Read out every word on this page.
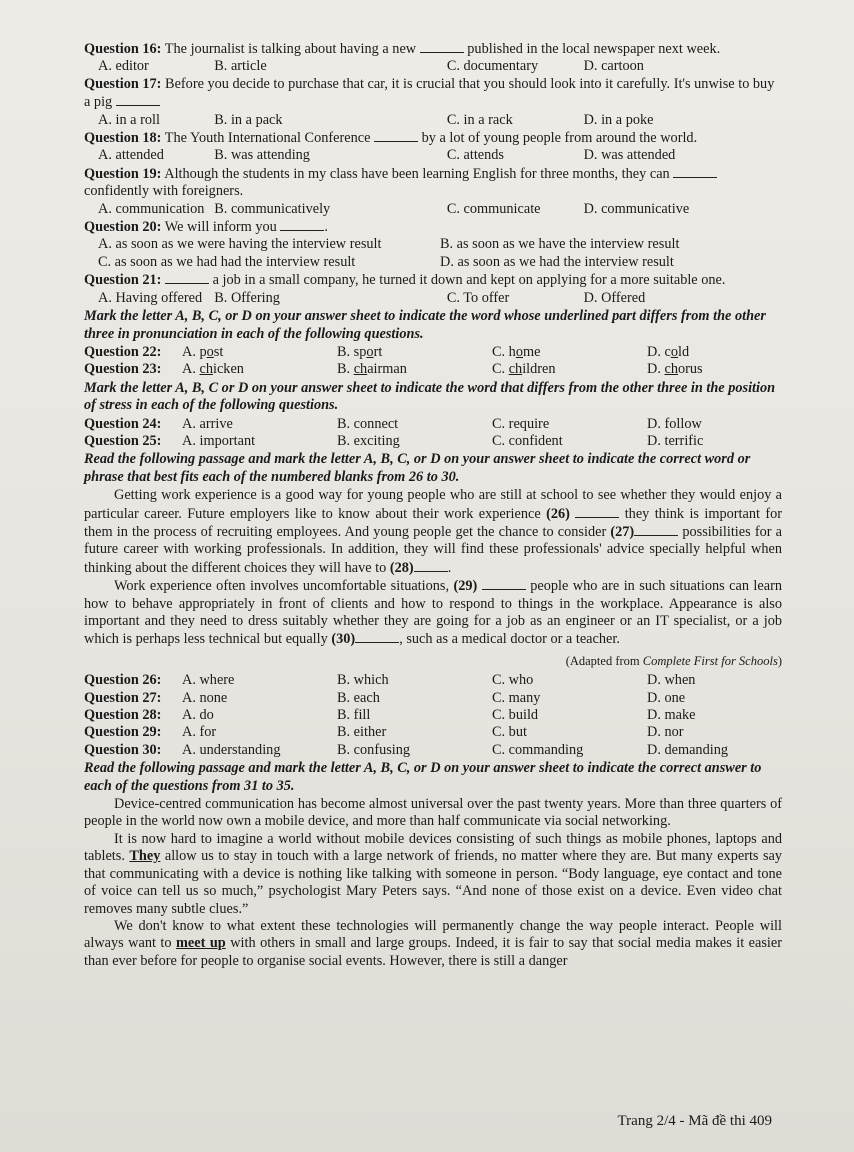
Question 16: The journalist is talking about having a new	published in the local newspaper next week.
A. editor	B. article	C. documentary	D. cartoon
Question 17: Before you decide to purchase that car, it is crucial that you should look into it carefully. It's unwise to buy a pig
A. in a roll	B. in a pack	C. in a rack	D. in a poke
Question 18: The Youth International Conference	by a lot of young people from around the world.
A. attended	B. was attending	C. attends	D. was attended
Question 19: Although the students in my class have been learning English for three months, they can  confidently with foreigners.
A. communication B. communicatively	C. communicate	D. communicative
Question 20: We will inform you	.
A. as soon as we were having the interview result	B. as soon as we have the interview result
C. as soon as we had had the interview result	D. as soon as we had the interview result
Question 21:	a job in a small company, he turned it down and kept on applying for a more suitable one.
A. Having offered B. Offering	C. To offer	D. Offered
Mark the letter A, B, C, or D on your answer sheet to indicate the word whose underlined part differs from the other three in pronunciation in each of the following questions.
Question 22:	A. post	B. sport	C. home	D. cold
Question 23:	A. chicken	B. chairman	C. children	D. chorus
Mark the letter A, B, C or D on your answer sheet to indicate the word that differs from the other three in the position of stress in each of the following questions.
Question 24:	A. arrive	B. connect	C. require	D. follow
Question 25:	A. important	B. exciting	C. confident	D. terrific
Read the following passage and mark the letter A, B, C, or D on your answer sheet to indicate the correct word or phrase that best fits each of the numbered blanks from 26 to 30.

Getting work experience is a good way for young people who are still at school to see whether they would enjoy a particular career. Future employers like to know about their work experience (26)	they think is important for them in the process of recruiting employees. And young people get the chance to consider (27)	possibilities for a future career with working professionals. In addition, they will find these professionals' advice specially helpful when thinking about the different choices they will have to (28) .

Work experience often involves uncomfortable situations, (29)	people who are in such situations can learn how to behave appropriately in front of clients and how to respond to things in the workplace. Appearance is also important and they need to dress suitably whether they are going for a job as an engineer or an IT specialist, or a job which is perhaps less technical but equally (30)	, such as a medical doctor or a teacher.

(Adapted from Complete First for Schools)
Question 26:	A. where	B. which	C. who	D. when
Question 27:	A. none	B. each	C. many	D. one
Question 28:	A. do	B. fill	C. build	D. make
Question 29:	A. for	B. either	C. but	D. nor
Question 30:	A. understanding	B. confusing	C. commanding	D. demanding
Read the following passage and mark the letter A, B, C, or D on your answer sheet to indicate the correct answer to each of the questions from 31 to 35.

Device-centred communication has become almost universal over the past twenty years. More than three quarters of people in the world now own a mobile device, and more than half communicate via social networking.

It is now hard to imagine a world without mobile devices consisting of such things as mobile phones, laptops and tablets. They allow us to stay in touch with a large network of friends, no matter where they are. But many experts say that communicating with a device is nothing like talking with someone in person. “Body language, eye contact and tone of voice can tell us so much,” psychologist Mary Peters says. “And none of those exist on a device. Even video chat removes many subtle clues.”

We don't know to what extent these technologies will permanently change the way people interact. People will always want to meet up with others in small and large groups. Indeed, it is fair to say that social media makes it easier than ever before for people to organise social events. However, there is still a danger

Trang 2/4 - Mã đề thi 409
